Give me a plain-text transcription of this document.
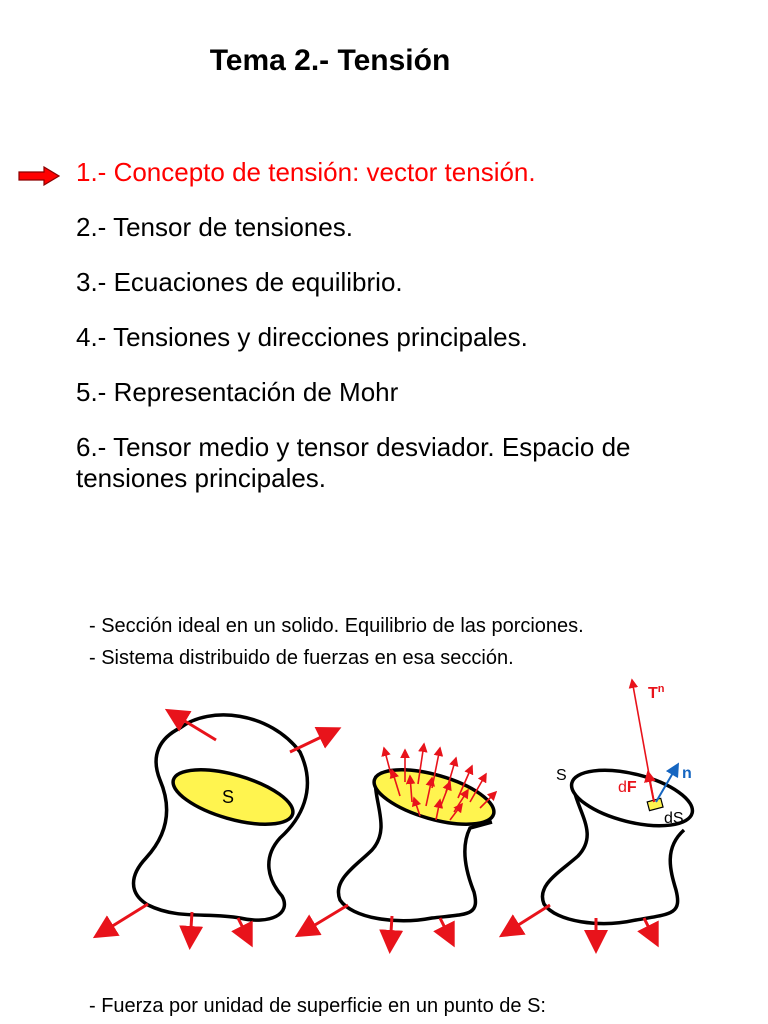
Tema 2.- Tensión
1.- Concepto de tensión: vector tensión.
2.- Tensor de tensiones.
3.- Ecuaciones de equilibrio.
4.- Tensiones y direcciones principales.
5.- Representación de Mohr
6.- Tensor medio y tensor desviador. Espacio de tensiones principales.
- Sección ideal en un solido. Equilibrio de las porciones.
- Sistema distribuido de fuerzas en esa sección.
S
S
dF
dS
n
$T^n$
- Fuerza por unidad de superficie en un punto de S:
